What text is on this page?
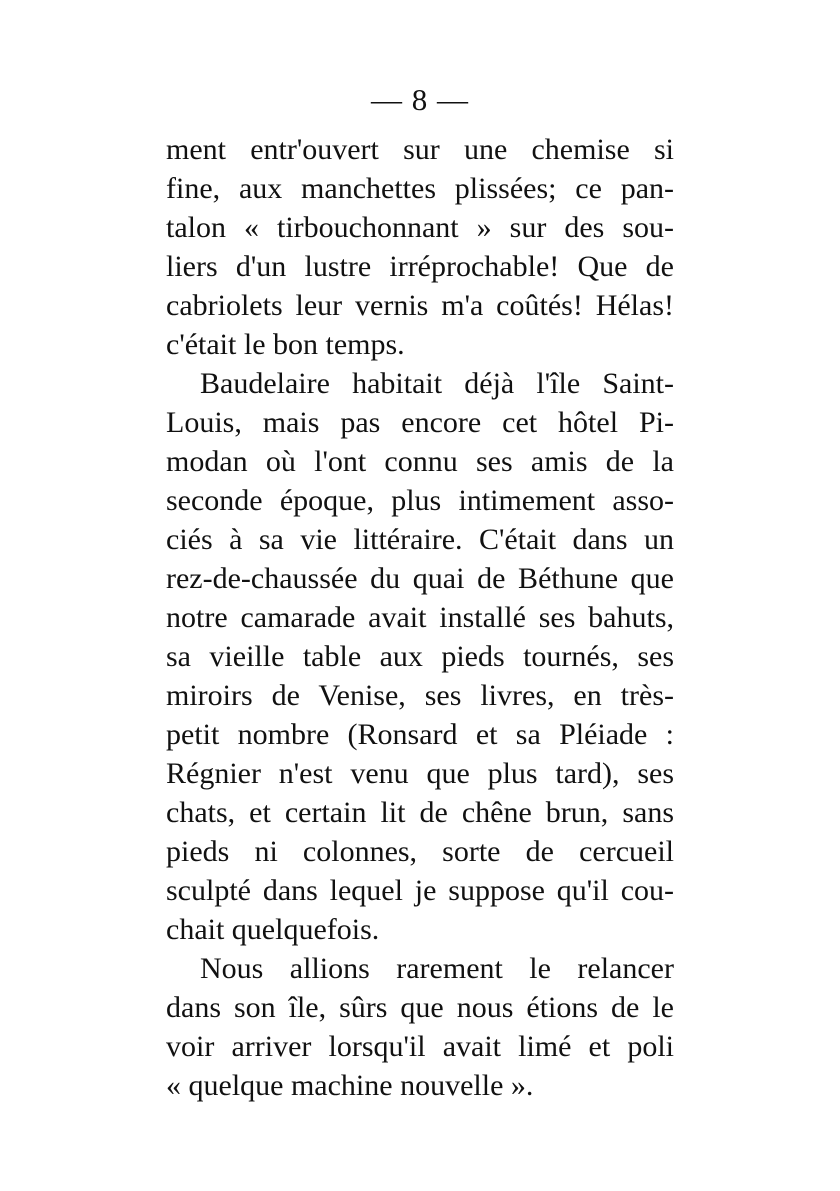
— 8 —
ment entr'ouvert sur une chemise si
fine, aux manchettes plissées; ce pan-
talon « tirbouchonnant » sur des sou-
liers d'un lustre irréprochable! Que de
cabriolets leur vernis m'a coûtés! Hélas!
c'était le bon temps.
Baudelaire habitait déjà l'île Saint-
Louis, mais pas encore cet hôtel Pi-
modan où l'ont connu ses amis de la
seconde époque, plus intimement asso-
ciés à sa vie littéraire. C'était dans un
rez-de-chaussée du quai de Béthune que
notre camarade avait installé ses bahuts,
sa vieille table aux pieds tournés, ses
miroirs de Venise, ses livres, en très-
petit nombre (Ronsard et sa Pléiade :
Régnier n'est venu que plus tard), ses
chats, et certain lit de chêne brun, sans
pieds ni colonnes, sorte de cercueil
sculpté dans lequel je suppose qu'il cou-
chait quelquefois.
Nous allions rarement le relancer
dans son île, sûrs que nous étions de le
voir arriver lorsqu'il avait limé et poli
« quelque machine nouvelle ».
